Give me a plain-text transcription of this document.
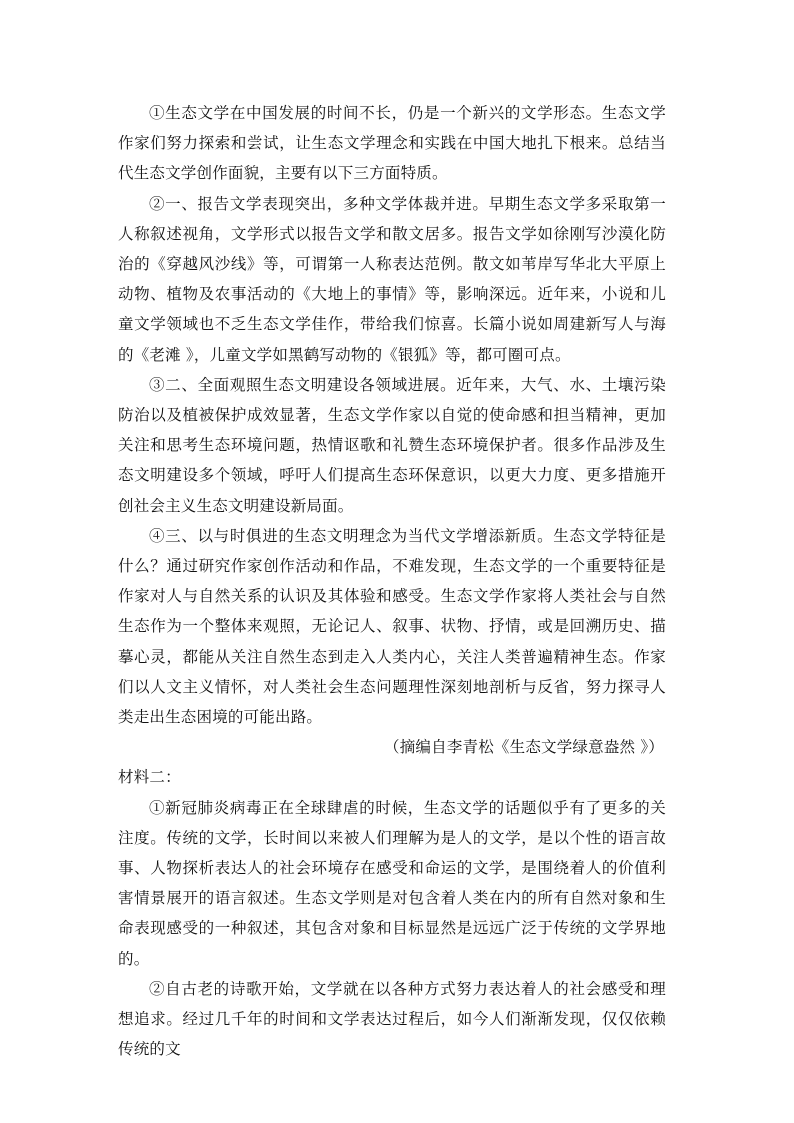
①生态文学在中国发展的时间不长，仍是一个新兴的文学形态。生态文学作家们努力探索和尝试，让生态文学理念和实践在中国大地扎下根来。总结当代生态文学创作面貌，主要有以下三方面特质。

②一、报告文学表现突出，多种文学体裁并进。早期生态文学多采取第一人称叙述视角，文学形式以报告文学和散文居多。报告文学如徐刚写沙漠化防治的《穿越风沙线》等，可谓第一人称表达范例。散文如苇岸写华北大平原上动物、植物及农事活动的《大地上的事情》等，影响深远。近年来，小说和儿童文学领域也不乏生态文学佳作，带给我们惊喜。长篇小说如周建新写人与海的《老滩 》，儿童文学如黑鹤写动物的《银狐》等，都可圈可点。

③二、全面观照生态文明建设各领域进展。近年来，大气、水、土壤污染防治以及植被保护成效显著，生态文学作家以自觉的使命感和担当精神，更加关注和思考生态环境问题，热情讴歌和礼赞生态环境保护者。很多作品涉及生态文明建设多个领域，呼吁人们提高生态环保意识，以更大力度、更多措施开创社会主义生态文明建设新局面。

④三、以与时俱进的生态文明理念为当代文学增添新质。生态文学特征是什么？通过研究作家创作活动和作品，不难发现，生态文学的一个重要特征是作家对人与自然关系的认识及其体验和感受。生态文学作家将人类社会与自然生态作为一个整体来观照，无论记人、叙事、状物、抒情，或是回溯历史、描摹心灵，都能从关注自然生态到走入人类内心，关注人类普遍精神生态。作家们以人文主义情怀，对人类社会生态问题理性深刻地剖析与反省，努力探寻人类走出生态困境的可能出路。

（摘编自李青松《生态文学绿意盎然 》）

材料二：

①新冠肺炎病毒正在全球肆虐的时候，生态文学的话题似乎有了更多的关注度。传统的文学，长时间以来被人们理解为是人的文学，是以个性的语言故事、人物探析表达人的社会环境存在感受和命运的文学，是围绕着人的价值利害情景展开的语言叙述。生态文学则是对包含着人类在内的所有自然对象和生命表现感受的一种叙述，其包含对象和目标显然是远远广泛于传统的文学界地的。

②自古老的诗歌开始，文学就在以各种方式努力表达着人的社会感受和理想追求。经过几千年的时间和文学表达过程后，如今人们渐渐发现，仅仅依赖传统的文
